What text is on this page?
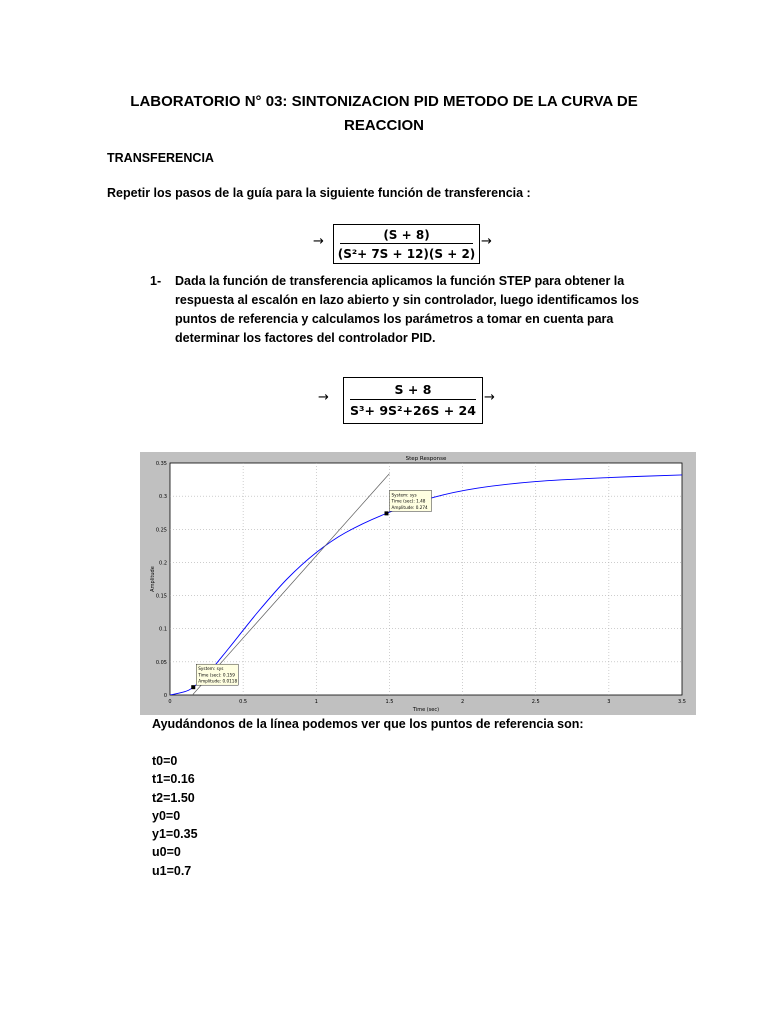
LABORATORIO N° 03: SINTONIZACION PID METODO DE LA CURVA DE REACCION
TRANSFERENCIA
Repetir los pasos de la guía para la siguiente función de transferencia :
→ $\frac{(S + 8)}{\text{(S²+ 7S + 12)(S + 2)}}$ →
1- Dada la función de transferencia aplicamos la función STEP para obtener la respuesta al escalón en lazo abierto y sin controlador, luego identificamos los puntos de referencia y calculamos los parámetros a tomar en cuenta para determinar los factores del controlador PID.
→ $\frac{S + 8}{\text{S³+ 9S²+26S + 24}}$ →
0	0.5	1	1.5	2	2.5	3	3.5
0
0.05
0.1
0.15
0.2
0.25
0.3
0.35
Step Response
Time (sec)
Amplitude
System: sys
Time (sec): 0.159
Amplitude: 0.0118
System: sys
Time (sec): 1.48
Amplitude: 0.274
Ayudándonos de la línea podemos ver que los puntos de referencia son:
t0=0
t1=0.16
t2=1.50
y0=0
y1=0.35
u0=0
u1=0.7
